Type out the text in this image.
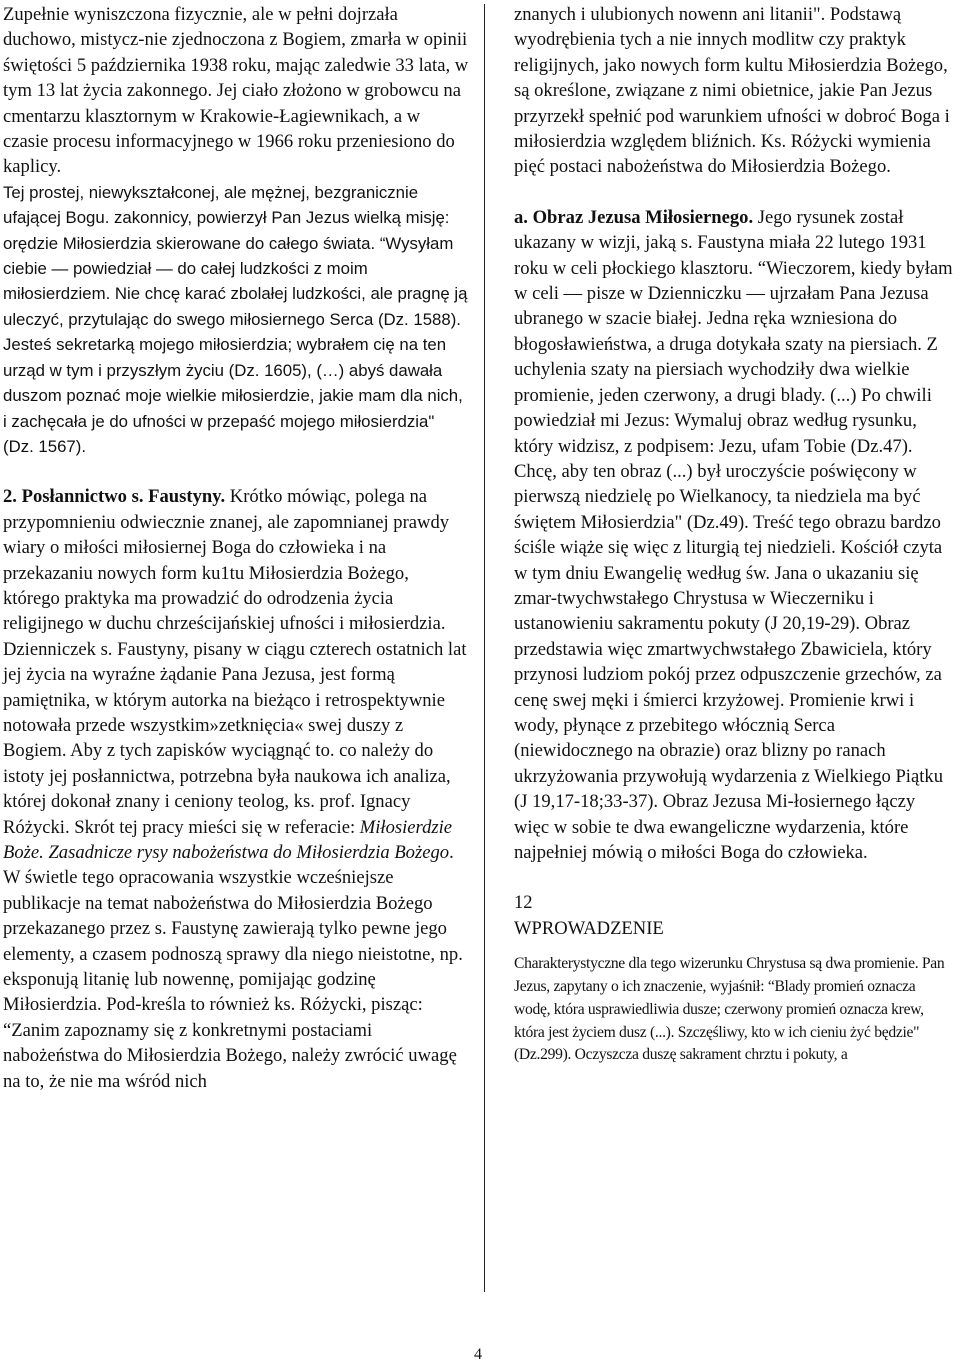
Zupełnie wyniszczona fizycznie, ale w pełni dojrzała duchowo, mistycz-nie zjednoczona z Bogiem, zmarła w opinii świętości 5 października 1938 roku, mając zaledwie 33 lata, w tym 13 lat życia zakonnego. Jej ciało złożono w grobowcu na cmentarzu klasztornym w Krakowie-Łagiewnikach, a w czasie procesu informacyjnego w 1966 roku przeniesiono do kaplicy.

Tej prostej, niewykształconej, ale mężnej, bezgranicznie ufającej Bogu. zakonnicy, powierzył Pan Jezus wielką misję: orędzie Miłosierdzia skierowane do całego świata. “Wysyłam ciebie — powiedział — do całej ludzkości z moim miłosierdziem. Nie chcę karać zbolałej ludzkości, ale pragnę ją uleczyć, przytulając do swego miłosiernego Serca (Dz. 1588). Jesteś sekretarką mojego miłosierdzia; wybrałem cię na ten urząd w tym i przyszłym życiu (Dz. 1605), (…) abyś dawała duszom poznać moje wielkie miłosierdzie, jakie mam dla nich, i zachęcała je do ufności w przepaść mojego miłosierdzia" (Dz. 1567).

2. Posłannictwo s. Faustyny. Krótko mówiąc, polega na przypomnieniu odwiecznie znanej, ale zapomnianej prawdy wiary o miłości miłosiernej Boga do człowieka i na przekazaniu nowych form ku1tu Miłosierdzia Bożego, którego praktyka ma prowadzić do odrodzenia życia religijnego w duchu chrześcijańskiej ufności i miłosierdzia.

Dzienniczek s. Faustyny, pisany w ciągu czterech ostatnich lat jej życia na wyraźne żądanie Pana Jezusa, jest formą pamiętnika, w którym autorka na bieżąco i retrospektywnie notowała przede wszystkim»zetknięcia« swej duszy z Bogiem. Aby z tych zapisków wyciągnąć to. co należy do istoty jej posłannictwa, potrzebna była naukowa ich analiza, której dokonał znany i ceniony teolog, ks. prof. Ignacy Różycki. Skrót tej pracy mieści się w referacie: Miłosierdzie Boże. Zasadnicze rysy nabożeństwa do Miłosierdzia Bożego. W świetle tego opracowania wszystkie wcześniejsze publikacje na temat nabożeństwa do Miłosierdzia Bożego przekazanego przez s. Faustynę zawierają tylko pewne jego elementy, a czasem podnoszą sprawy dla niego nieistotne, np. eksponują litanię lub nowennę, pomijając godzinę Miłosierdzia. Pod-kreśla to również ks. Różycki, pisząc: “Zanim zapoznamy się z konkretnymi postaciami nabożeństwa do Miłosierdzia Bożego, należy zwrócić uwagę na to, że nie ma wśród nich

znanych i ulubionych nowenn ani litanii". Podstawą wyodrębienia tych a nie innych modlitw czy praktyk religijnych, jako nowych form kultu Miłosierdzia Bożego, są określone, związane z nimi obietnice, jakie Pan Jezus przyrzekł spełnić pod warunkiem ufności w dobroć Boga i miłosierdzia względem bliźnich. Ks. Różycki wymienia pięć postaci nabożeństwa do Miłosierdzia Bożego.

a. Obraz Jezusa Miłosiernego. Jego rysunek został ukazany w wizji, jaką s. Faustyna miała 22 lutego 1931 roku w celi płockiego klasztoru. “Wieczorem, kiedy byłam w celi — pisze w Dzienniczku — ujrzałam Pana Jezusa ubranego w szacie białej. Jedna ręka wzniesiona do błogosławieństwa, a druga dotykała szaty na piersiach. Z uchylenia szaty na piersiach wychodziły dwa wielkie promienie, jeden czerwony, a drugi blady. (...) Po chwili powiedział mi Jezus: Wymaluj obraz według rysunku, który widzisz, z podpisem: Jezu, ufam Tobie (Dz.47). Chcę, aby ten obraz (...) był uroczyście poświęcony w pierwszą niedzielę po Wielkanocy, ta niedziela ma być świętem Miłosierdzia" (Dz.49). Treść tego obrazu bardzo ściśle wiąże się więc z liturgią tej niedzieli. Kościół czyta w tym dniu Ewangelię według św. Jana o ukazaniu się zmar-twychwstałego Chrystusa w Wieczerniku i ustanowieniu sakramentu pokuty (J 20,19-29). Obraz przedstawia więc zmartwychwstałego Zbawiciela, który przynosi ludziom pokój przez odpuszczenie grzechów, za cenę swej męki i śmierci krzyżowej. Promienie krwi i wody, płynące z przebitego włócznią Serca (niewidocznego na obrazie) oraz blizny po ranach ukrzyżowania przywołują wydarzenia z Wielkiego Piątku (J 19,17-18;33-37). Obraz Jezusa Mi-łosiernego łączy więc w sobie te dwa ewangeliczne wydarzenia, które najpełniej mówią o miłości Boga do człowieka.

12

WPROWADZENIE

Charakterystyczne dla tego wizerunku Chrystusa są dwa promienie. Pan Jezus, zapytany o ich znaczenie, wyjaśnił: “Blady promień oznacza wodę, która usprawiedliwia dusze; czerwony promień oznacza krew, która jest życiem dusz (...). Szczęśliwy, kto w ich cieniu żyć będzie" (Dz.299). Oczyszcza duszę sakrament chrztu i pokuty, a

4
